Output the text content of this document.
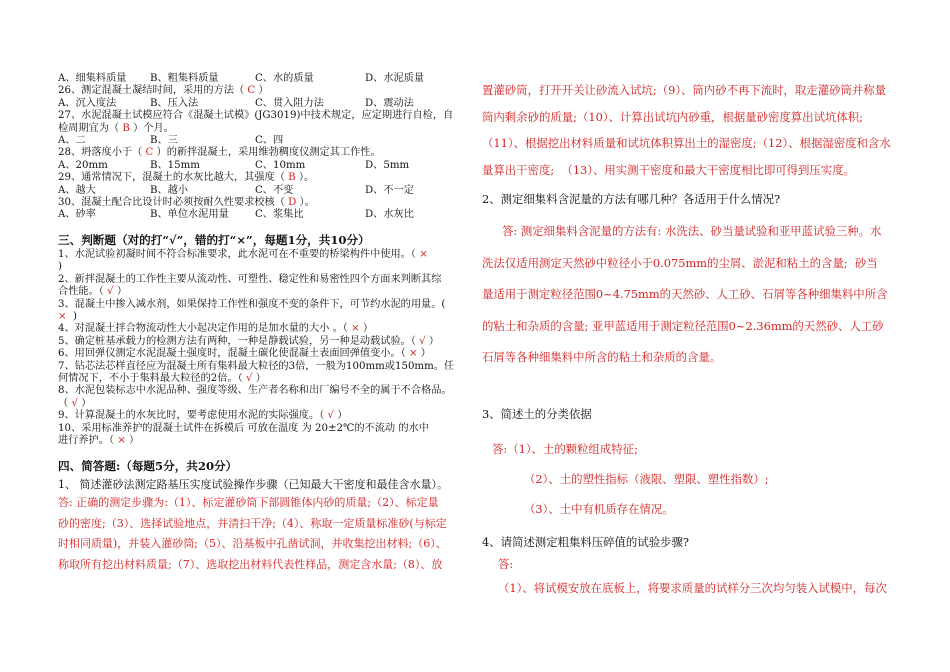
A、细集料质量 B、粗集料质量	C、水的质量	D、水泥质量
26、测定混凝土凝结时间，采用的方法（ C ）
A、沉入度法	B、压入法	C、贯入阻力法	D、震动法
27、水泥混凝土试模应符合《混凝土试模》(JG3019)中技术规定，应定期进行自检，自
检周期宜为（ B ）个月。
A、二	B、三	C、四
28、坍落度小于（ C ）的新拌混凝土，采用维勃稠度仪测定其工作性。
A、20mm	B、15mm	C、10mm	D、5mm
29、通常情况下，混凝土的水灰比越大，其强度（ B ）。
A、越大	B、越小	C、不变	D、不一定
30、混凝土配合比设计时必须按耐久性要求校核（ D ）。
A、砂率	B、单位水泥用量	C、浆集比	D、水灰比
三、判断题（对的打“√”，错的打“×”，每题1分，共10分）
1、水泥试验初凝时间不符合标准要求，此水泥可在不重要的桥梁构件中使用。（ ×
)
2、新拌混凝土的工作性主要从流动性、可塑性、稳定性和易密性四个方面来判断其综
合性能。（ √ ）
3、混凝土中掺入减水剂，如果保持工作性和强度不变的条件下，可节约水泥的用量。(
×  )
4、对混凝土拌合物流动性大小起决定作用的是加水量的大小 。（ × ）
5、确定桩基承载力的检测方法有两种，一种是静载试验，另一种是动载试验。（ √ ）
6、用回弹仪测定水泥混凝土强度时，混凝土碳化使混凝土表面回弹值变小。（ × ）
7、钻芯法芯样直径应为混凝土所有集料最大粒径的3倍，一般为100mm或150mm。任
何情况下，不小于集料最大粒径的2倍。（ √ ）
8、水泥包装标志中水泥品种、强度等级、生产者名称和出厂编号不全的属于不合格品。
（ √ ）
9、计算混凝土的水灰比时，要考虑使用水泥的实际强度。（ √ ）
10、采用标准养护的混凝土试件在拆模后 可放在温度 为 20±2℃的不流动 的水中
进行养护。（ × ）
四、简答题:（每题5分，共20分）

1、 简述灌砂法测定路基压实度试验操作步骤（已知最大干密度和最佳含水量）。

答: 正确的测定步骤为:（1）、标定灌砂筒下部圆锥体内砂的质量;（2）、标定量
砂的密度;（3）、选择试验地点，并清扫干净;（4）、称取一定质量标准砂(与标定
时相同质量)，并装入灌砂筒;（5）、沿基板中孔凿试洞，并收集挖出材料;（6）、
称取所有挖出材料质量;（7）、选取挖出材料代表性样品，测定含水量;（8）、放
置灌砂筒，打开开关让砂流入试坑;（9）、筒内砂不再下流时，取走灌砂筒并称量
筒内剩余砂的质量;（10）、计算出试坑内砂重，根据量砂密度算出试坑体积;
（11）、根据挖出材料质量和试坑体积算出土的湿密度;（12）、根据湿密度和含水
量算出干密度;  （13）、用实测干密度和最大干密度相比即可得到压实度。

2、测定细集料含泥量的方法有哪几种？各适用于什么情况?

答: 测定细集料含泥量的方法有: 水洗法、砂当量试验和亚甲蓝试验三种。水
洗法仅适用测定天然砂中粒径小于0.075mm的尘屑、淤泥和粘土的含量;  砂当
量适用于测定粒径范围0~4.75mm的天然砂、人工砂、石屑等各种细集料中所含
的粘土和杂质的含量; 亚甲蓝适用于测定粒径范围0~2.36mm的天然砂、人工砂
石屑等各种细集料中所含的粘土和杂质的含量。

3、简述土的分类依据

答:（1）、土的颗粒组成特征;

（2）、土的塑性指标（液限、塑限、塑性指数）;

（3）、土中有机质存在情况。

4、请简述测定粗集料压碎值的试验步骤?

答:

（1）、将试模安放在底板上，将要求质量的试样分三次均匀装入试模中，每次
